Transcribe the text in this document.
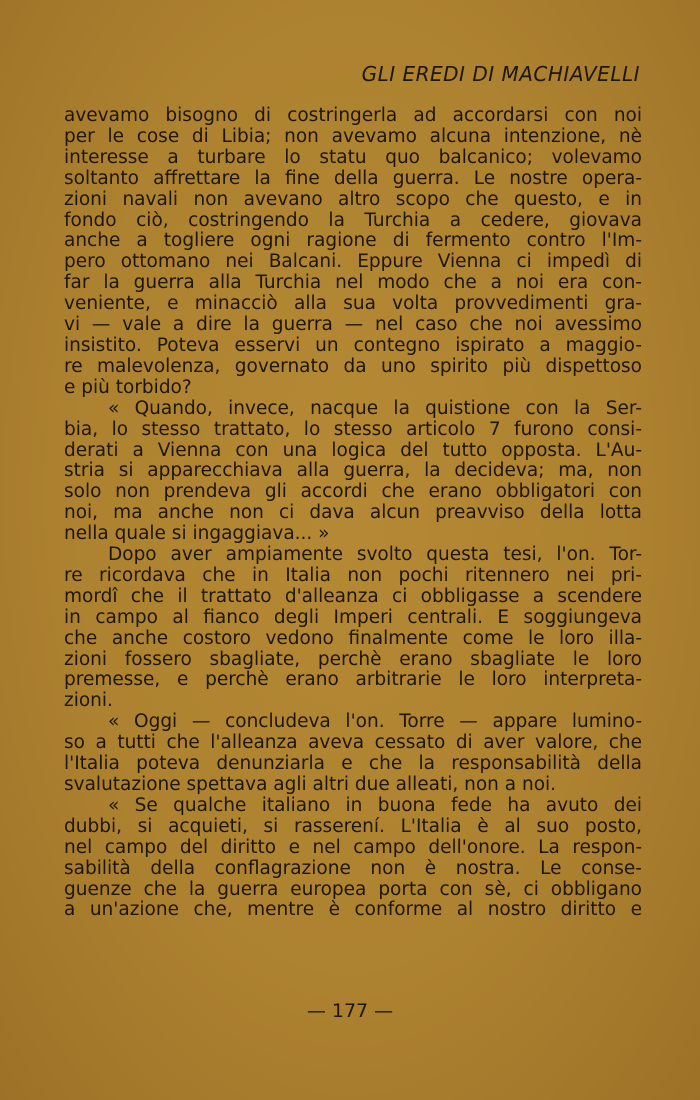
GLI EREDI DI MACHIAVELLI
avevamo bisogno di costringerla ad accordarsi con noi
per le cose di Libia; non avevamo alcuna intenzione, nè
interesse a turbare lo statu quo balcanico; volevamo
soltanto affrettare la fine della guerra. Le nostre opera-
zioni navali non avevano altro scopo che questo, e in
fondo ciò, costringendo la Turchia a cedere, giovava
anche a togliere ogni ragione di fermento contro l'Im-
pero ottomano nei Balcani. Eppure Vienna ci impedì di
far la guerra alla Turchia nel modo che a noi era con-
veniente, e minacciò alla sua volta provvedimenti gra-
vi — vale a dire la guerra — nel caso che noi avessimo
insistito. Poteva esservi un contegno ispirato a maggio-
re malevolenza, governato da uno spirito più dispettoso
e più torbido?
« Quando, invece, nacque la quistione con la Ser-
bia, lo stesso trattato, lo stesso articolo 7 furono consi-
derati a Vienna con una logica del tutto opposta. L'Au-
stria si apparecchiava alla guerra, la decideva; ma, non
solo non prendeva gli accordi che erano obbligatori con
noi, ma anche non ci dava alcun preavviso della lotta
nella quale si ingaggiava... »
Dopo aver ampiamente svolto questa tesi, l'on. Tor-
re ricordava che in Italia non pochi ritennero nei pri-
mordî che il trattato d'alleanza ci obbligasse a scendere
in campo al fianco degli Imperi centrali. E soggiungeva
che anche costoro vedono finalmente come le loro illa-
zioni fossero sbagliate, perchè erano sbagliate le loro
premesse, e perchè erano arbitrarie le loro interpreta-
zioni.
« Oggi — concludeva l'on. Torre — appare lumino-
so a tutti che l'alleanza aveva cessato di aver valore, che
l'Italia poteva denunziarla e che la responsabilità della
svalutazione spettava agli altri due alleati, non a noi.
« Se qualche italiano in buona fede ha avuto dei
dubbi, si acquieti, si rasserení. L'Italia è al suo posto,
nel campo del diritto e nel campo dell'onore. La respon-
sabilità della conflagrazione non è nostra. Le conse-
guenze che la guerra europea porta con sè, ci obbligano
a un'azione che, mentre è conforme al nostro diritto e
— 177 —
